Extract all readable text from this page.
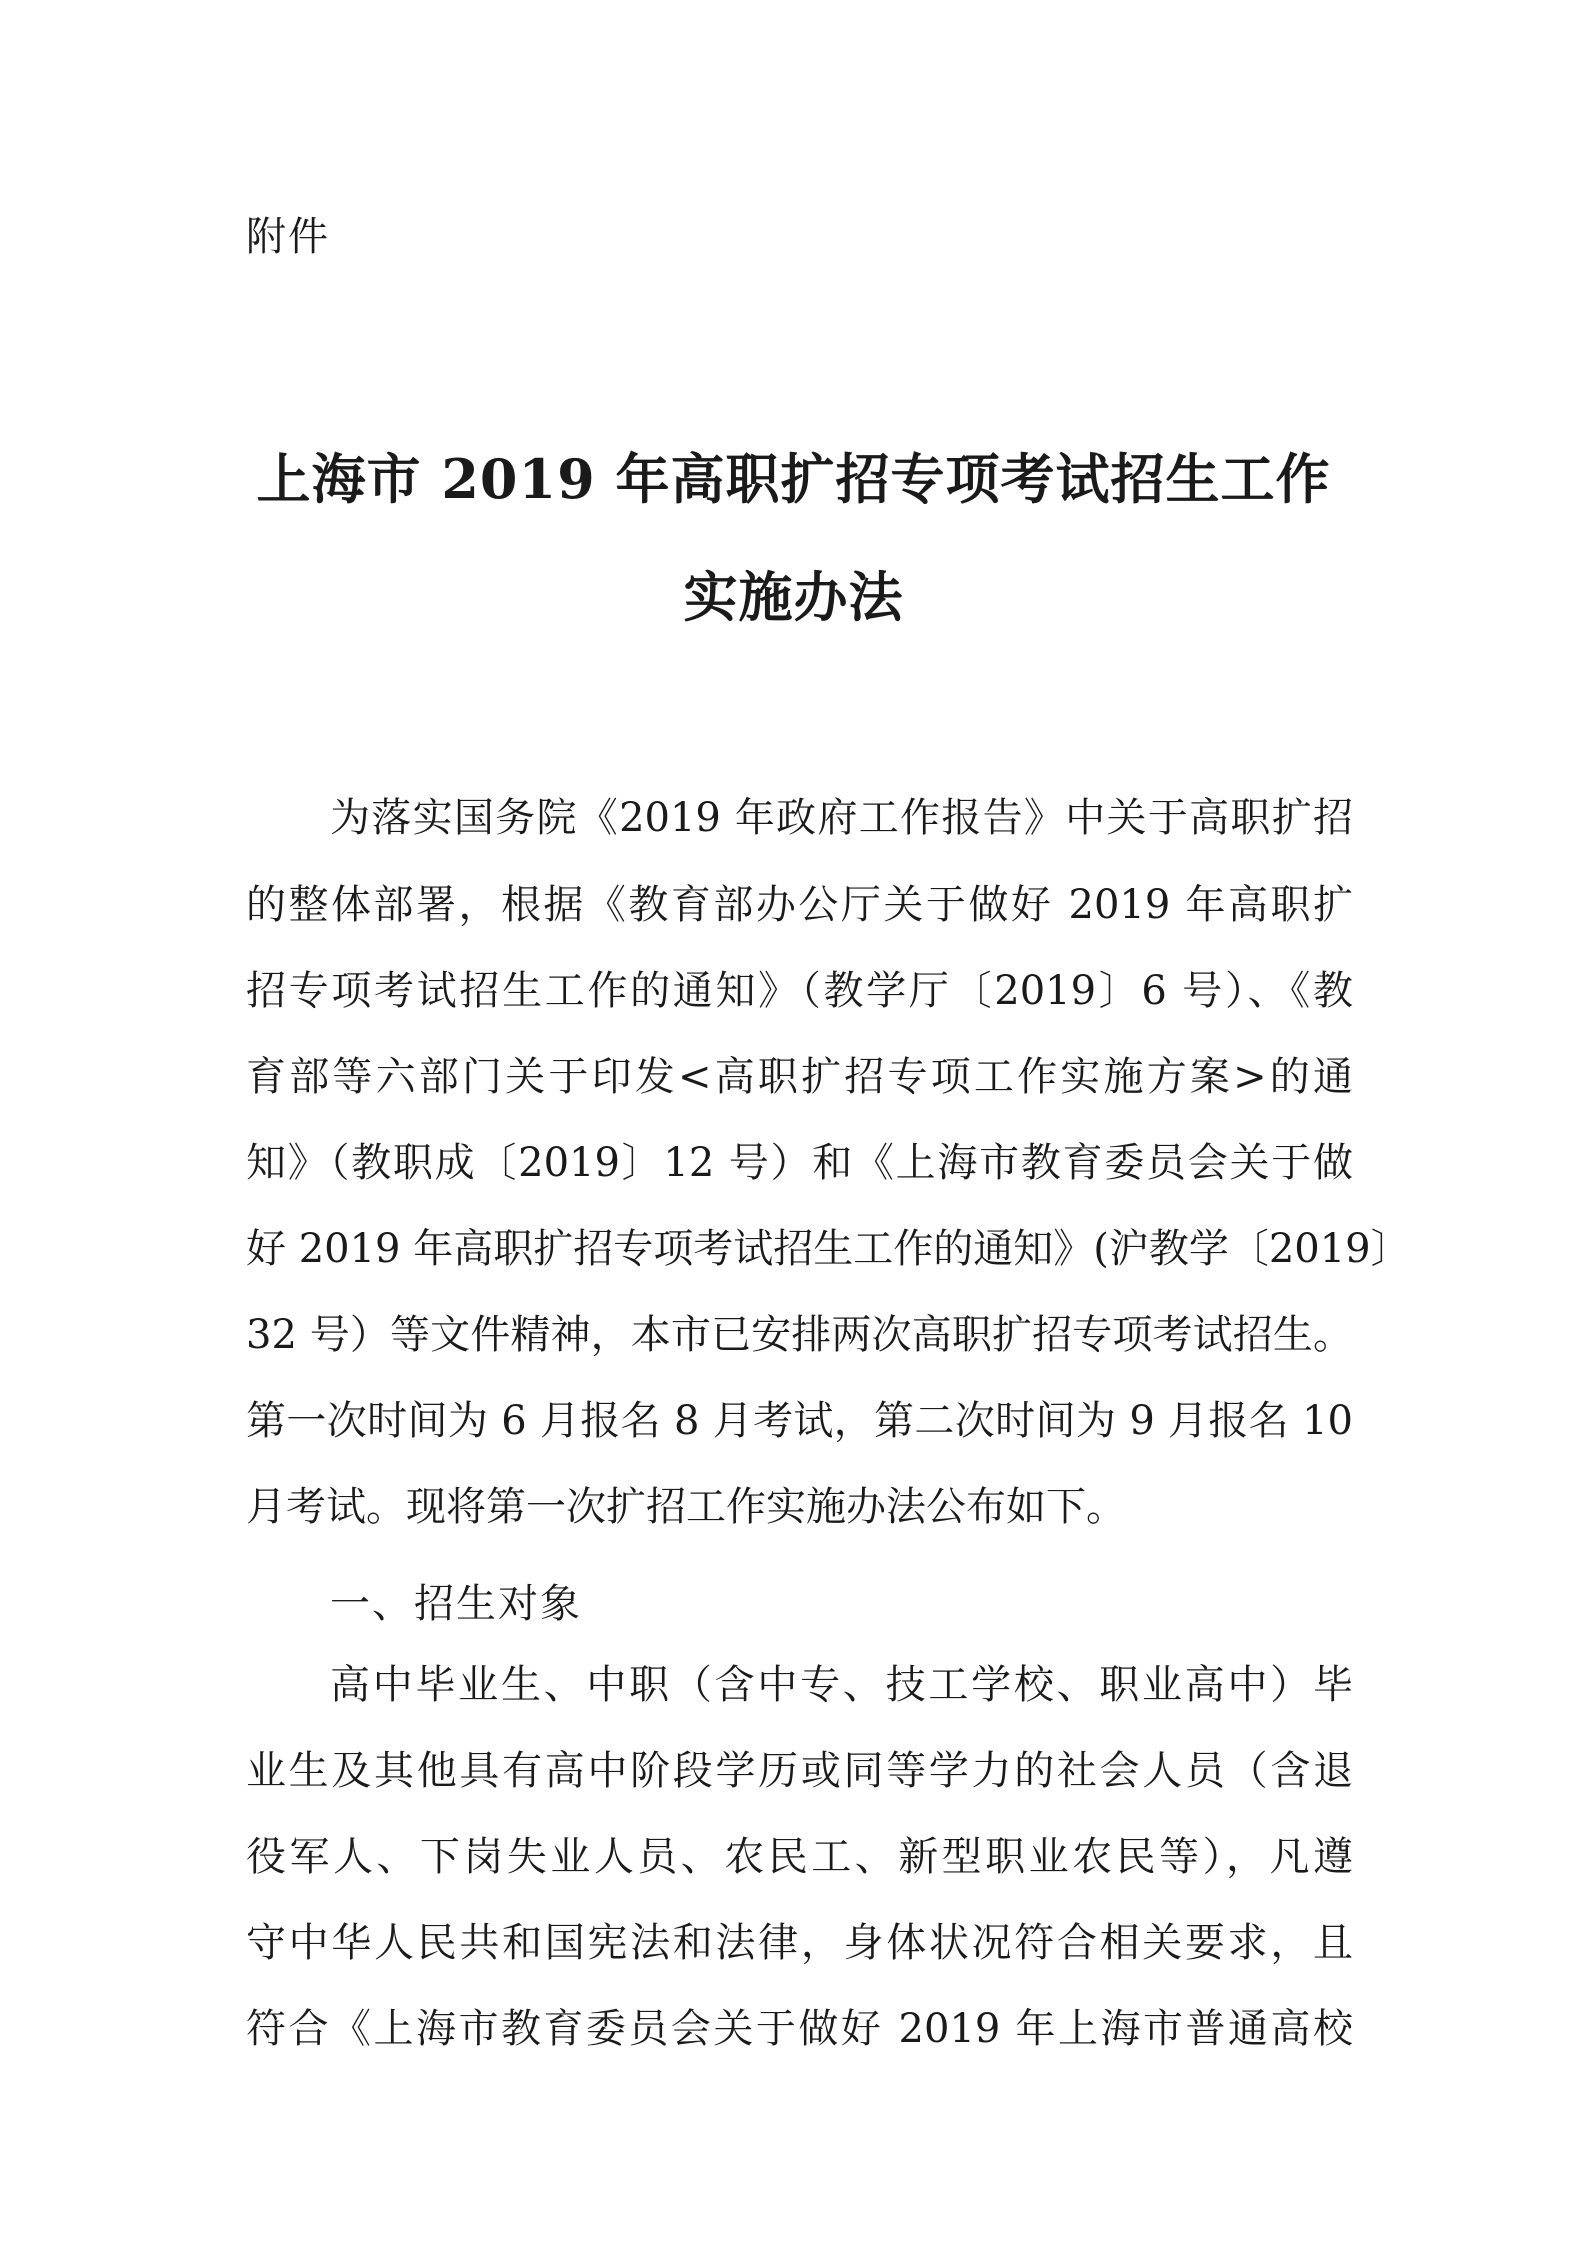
附件

上海市 2019 年高职扩招专项考试招生工作
实施办法

为落实国务院《2019 年政府工作报告》中关于高职扩招

的整体部署，根据《教育部办公厅关于做好 2019 年高职扩

招专项考试招生工作的通知》（教学厅〔2019〕6 号）、《教

育部等六部门关于印发<高职扩招专项工作实施方案>的通

知》（教职成〔2019〕12 号）和《上海市教育委员会关于做

好 2019 年高职扩招专项考试招生工作的通知》(沪教学〔2019〕

32 号）等文件精神，本市已安排两次高职扩招专项考试招生。

第一次时间为 6 月报名 8 月考试，第二次时间为 9 月报名 10

月考试。现将第一次扩招工作实施办法公布如下。

一、招生对象

高中毕业生、中职（含中专、技工学校、职业高中）毕

业生及其他具有高中阶段学历或同等学力的社会人员（含退

役军人、下岗失业人员、农民工、新型职业农民等），凡遵

守中华人民共和国宪法和法律，身体状况符合相关要求，且

符合《上海市教育委员会关于做好 2019 年上海市普通高校
